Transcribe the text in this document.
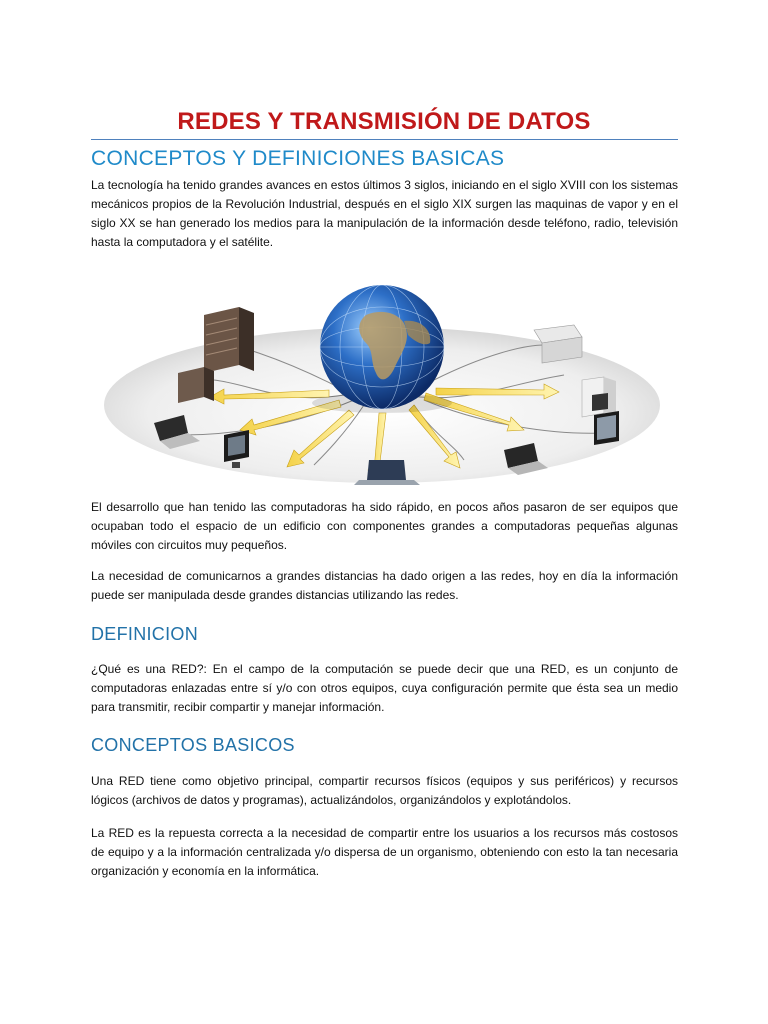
REDES Y TRANSMISIÓN DE DATOS
CONCEPTOS Y DEFINICIONES BASICAS

La tecnología ha tenido grandes avances en estos últimos 3 siglos, iniciando en el siglo XVIII con los sistemas mecánicos propios de la Revolución Industrial, después en el siglo XIX surgen las maquinas de vapor y en el siglo XX se han generado los medios para la manipulación de la información desde teléfono, radio, televisión hasta la computadora y el satélite.

El desarrollo que han tenido las computadoras ha sido rápido, en pocos años pasaron de ser equipos que ocupaban todo el espacio de un edificio con componentes grandes a computadoras pequeñas algunas móviles con circuitos muy pequeños.

La necesidad de comunicarnos a grandes distancias ha dado origen a las redes, hoy en día la información puede ser manipulada desde grandes distancias utilizando las redes.

DEFINICION

¿Qué es una RED?: En el campo de la computación se puede decir que una RED, es un conjunto de computadoras enlazadas entre sí y/o con otros equipos, cuya configuración permite que ésta sea un medio para transmitir, recibir compartir y manejar información.

CONCEPTOS BASICOS

Una RED tiene como objetivo principal, compartir recursos físicos (equipos y sus periféricos) y recursos lógicos (archivos de datos y programas), actualizándolos, organizándolos y explotándolos.

La RED es la repuesta correcta a la necesidad de compartir entre los usuarios a los recursos más costosos de equipo y a la información centralizada y/o dispersa de un organismo, obteniendo con esto la tan necesaria organización y economía en la informática.
